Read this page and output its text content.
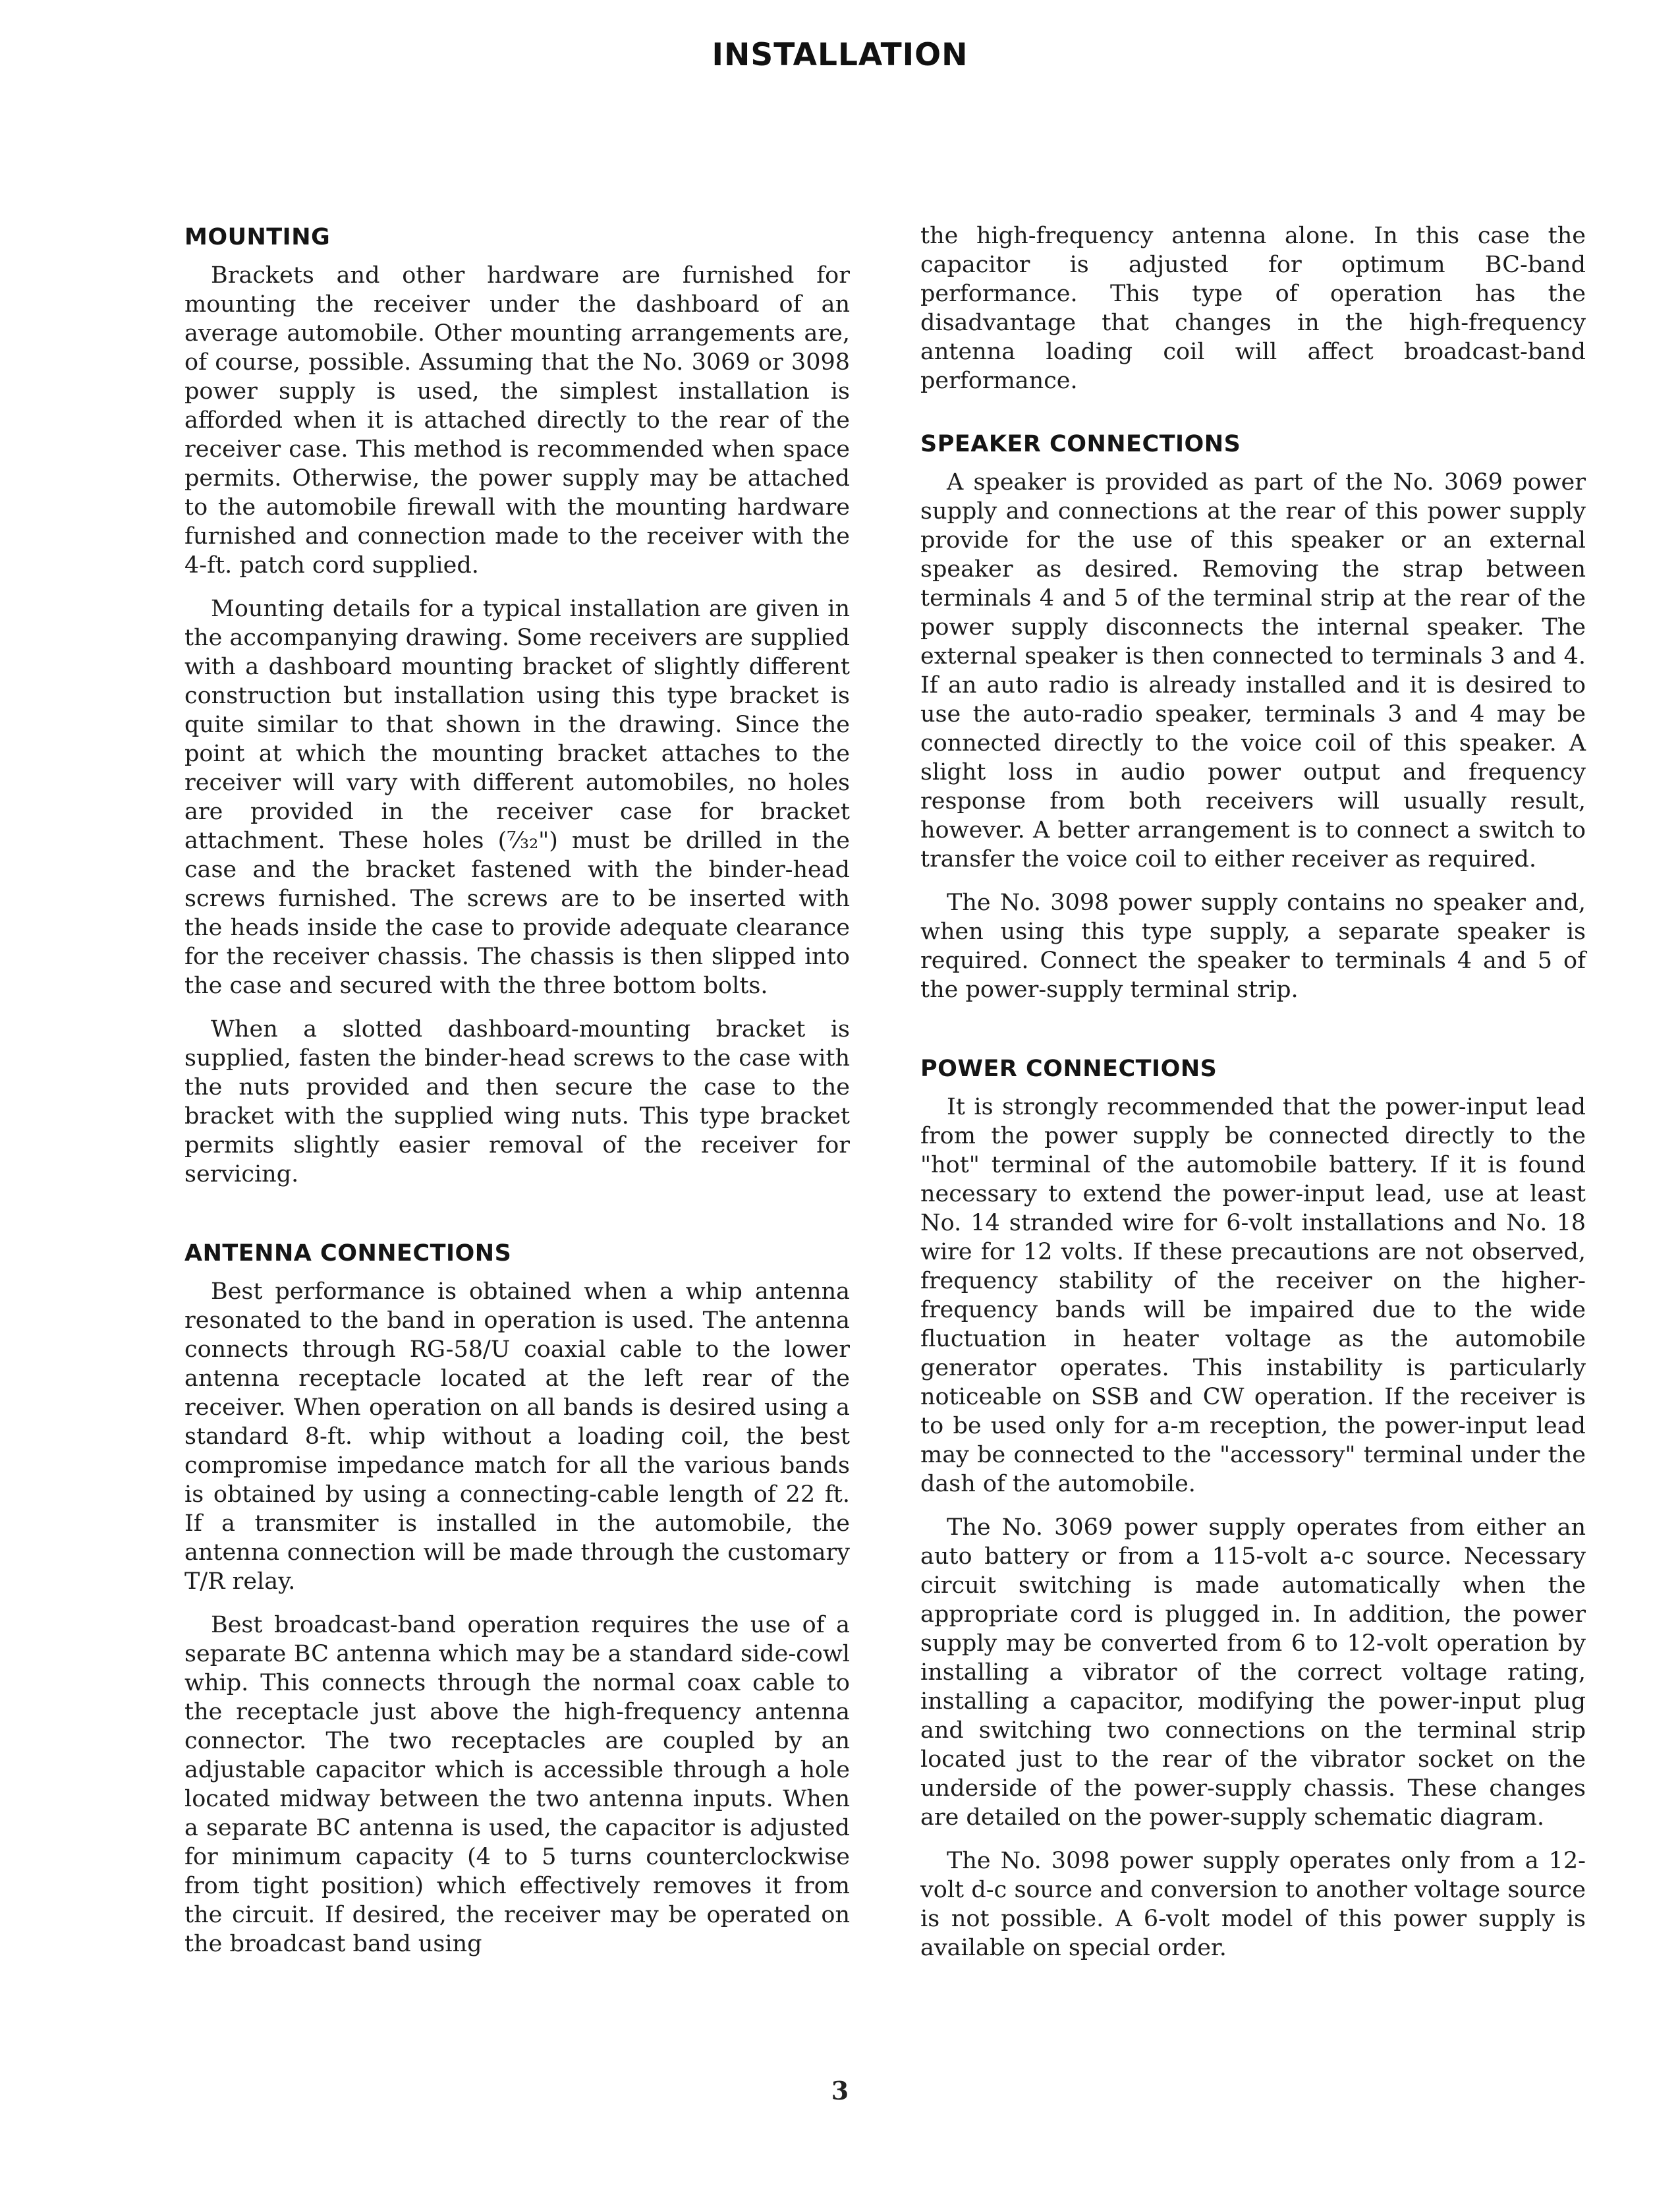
INSTALLATION
MOUNTING

Brackets and other hardware are furnished for mounting the receiver under the dashboard of an average automobile. Other mounting arrangements are, of course, possible. Assuming that the No. 3069 or 3098 power supply is used, the simplest installation is afforded when it is attached directly to the rear of the receiver case. This method is recommended when space permits. Otherwise, the power supply may be attached to the automobile firewall with the mounting hardware furnished and connection made to the receiver with the 4-ft. patch cord supplied.

Mounting details for a typical installation are given in the accompanying drawing. Some receivers are supplied with a dashboard mounting bracket of slightly different construction but installation using this type bracket is quite similar to that shown in the drawing. Since the point at which the mounting bracket attaches to the receiver will vary with different automobiles, no holes are provided in the receiver case for bracket attachment. These holes (⁷⁄₃₂") must be drilled in the case and the bracket fastened with the binder-head screws furnished. The screws are to be inserted with the heads inside the case to provide adequate clearance for the receiver chassis. The chassis is then slipped into the case and secured with the three bottom bolts.

When a slotted dashboard-mounting bracket is supplied, fasten the binder-head screws to the case with the nuts provided and then secure the case to the bracket with the supplied wing nuts. This type bracket permits slightly easier removal of the receiver for servicing.

ANTENNA CONNECTIONS

Best performance is obtained when a whip antenna resonated to the band in operation is used. The antenna connects through RG-58/U coaxial cable to the lower antenna receptacle located at the left rear of the receiver. When operation on all bands is desired using a standard 8-ft. whip without a loading coil, the best compromise impedance match for all the various bands is obtained by using a connecting-cable length of 22 ft. If a transmiter is installed in the automobile, the antenna connection will be made through the customary T/R relay.

Best broadcast-band operation requires the use of a separate BC antenna which may be a standard side-cowl whip. This connects through the normal coax cable to the receptacle just above the high-frequency antenna connector. The two receptacles are coupled by an adjustable capacitor which is accessible through a hole located midway between the two antenna inputs. When a separate BC antenna is used, the capacitor is adjusted for minimum capacity (4 to 5 turns counterclockwise from tight position) which effectively removes it from the circuit. If desired, the receiver may be operated on the broadcast band using

the high-frequency antenna alone. In this case the capacitor is adjusted for optimum BC-band performance. This type of operation has the disadvantage that changes in the high-frequency antenna loading coil will affect broadcast-band performance.

SPEAKER CONNECTIONS

A speaker is provided as part of the No. 3069 power supply and connections at the rear of this power supply provide for the use of this speaker or an external speaker as desired. Removing the strap between terminals 4 and 5 of the terminal strip at the rear of the power supply disconnects the internal speaker. The external speaker is then connected to terminals 3 and 4. If an auto radio is already installed and it is desired to use the auto-radio speaker, terminals 3 and 4 may be connected directly to the voice coil of this speaker. A slight loss in audio power output and frequency response from both receivers will usually result, however. A better arrangement is to connect a switch to transfer the voice coil to either receiver as required.

The No. 3098 power supply contains no speaker and, when using this type supply, a separate speaker is required. Connect the speaker to terminals 4 and 5 of the power-supply terminal strip.

POWER CONNECTIONS

It is strongly recommended that the power-input lead from the power supply be connected directly to the "hot" terminal of the automobile battery. If it is found necessary to extend the power-input lead, use at least No. 14 stranded wire for 6-volt installations and No. 18 wire for 12 volts. If these precautions are not observed, frequency stability of the receiver on the higher-frequency bands will be impaired due to the wide fluctuation in heater voltage as the automobile generator operates. This instability is particularly noticeable on SSB and CW operation. If the receiver is to be used only for a-m reception, the power-input lead may be connected to the "accessory" terminal under the dash of the automobile.

The No. 3069 power supply operates from either an auto battery or from a 115-volt a-c source. Necessary circuit switching is made automatically when the appropriate cord is plugged in. In addition, the power supply may be converted from 6 to 12-volt operation by installing a vibrator of the correct voltage rating, installing a capacitor, modifying the power-input plug and switching two connections on the terminal strip located just to the rear of the vibrator socket on the underside of the power-supply chassis. These changes are detailed on the power-supply schematic diagram.

The No. 3098 power supply operates only from a 12-volt d-c source and conversion to another voltage source is not possible. A 6-volt model of this power supply is available on special order.

3
